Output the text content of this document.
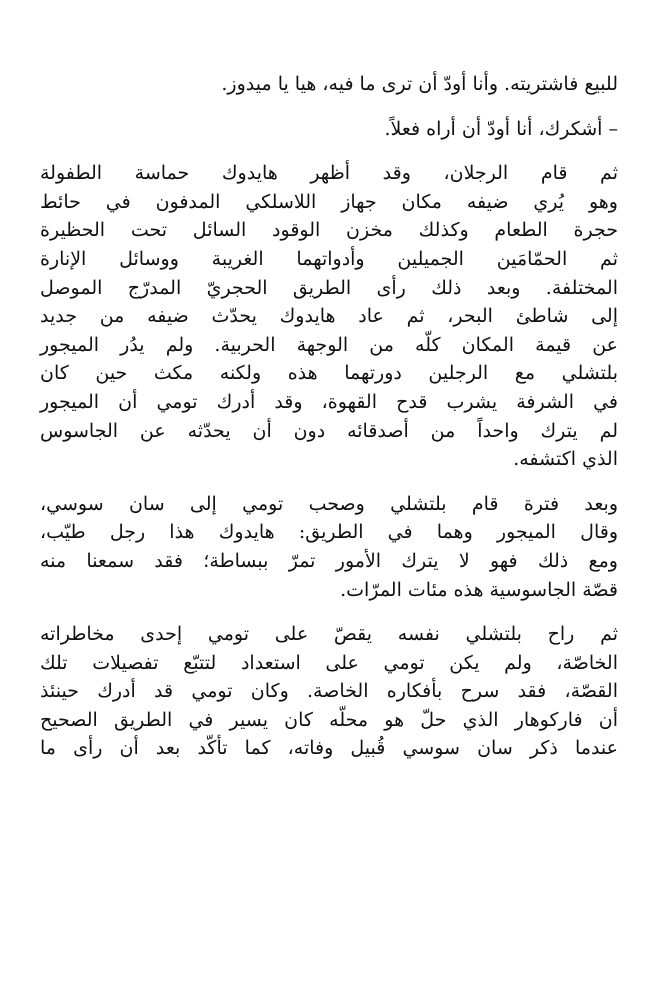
للبيع فاشتريته. وأنا أودّ أن ترى ما فيه، هيا يا ميدوز.

– أشكرك، أنا أودّ أن أراه فعلاً.

ثم قام الرجلان، وقد أظهر هايدوك حماسة الطفولة
وهو يُري ضيفه مكان جهاز اللاسلكي المدفون في حائط
حجرة الطعام وكذلك مخزن الوقود السائل تحت الحظيرة
ثم الحمّامَين الجميلين وأدواتهما الغريبة ووسائل الإنارة
المختلفة. وبعد ذلك رأى الطريق الحجريّ المدرّج الموصل
إلى شاطئ البحر، ثم عاد هايدوك يحدّث ضيفه من جديد
عن قيمة المكان كلّه من الوجهة الحربية. ولم يدُر الميجور
بلتشلي مع الرجلين دورتهما هذه ولكنه مكث حين كان
في الشرفة يشرب قدح القهوة، وقد أدرك تومي أن الميجور
لم يترك واحداً من أصدقائه دون أن يحدّثه عن الجاسوس
الذي اكتشفه.

وبعد فترة قام بلتشلي وصحب تومي إلى سان سوسي،
وقال الميجور وهما في الطريق: هايدوك هذا رجل طيّب،
ومع ذلك فهو لا يترك الأمور تمرّ ببساطة؛ فقد سمعنا منه
قصّة الجاسوسية هذه مئات المرّات.

ثم راح بلتشلي نفسه يقصّ على تومي إحدى مخاطراته
الخاصّة، ولم يكن تومي على استعداد لتتبّع تفصيلات تلك
القصّة، فقد سرح بأفكاره الخاصة. وكان تومي قد أدرك حينئذ
أن فاركوهار الذي حلّ هو محلّه كان يسير في الطريق الصحيح
عندما ذكر سان سوسي قُبيل وفاته، كما تأكّد بعد أن رأى ما
